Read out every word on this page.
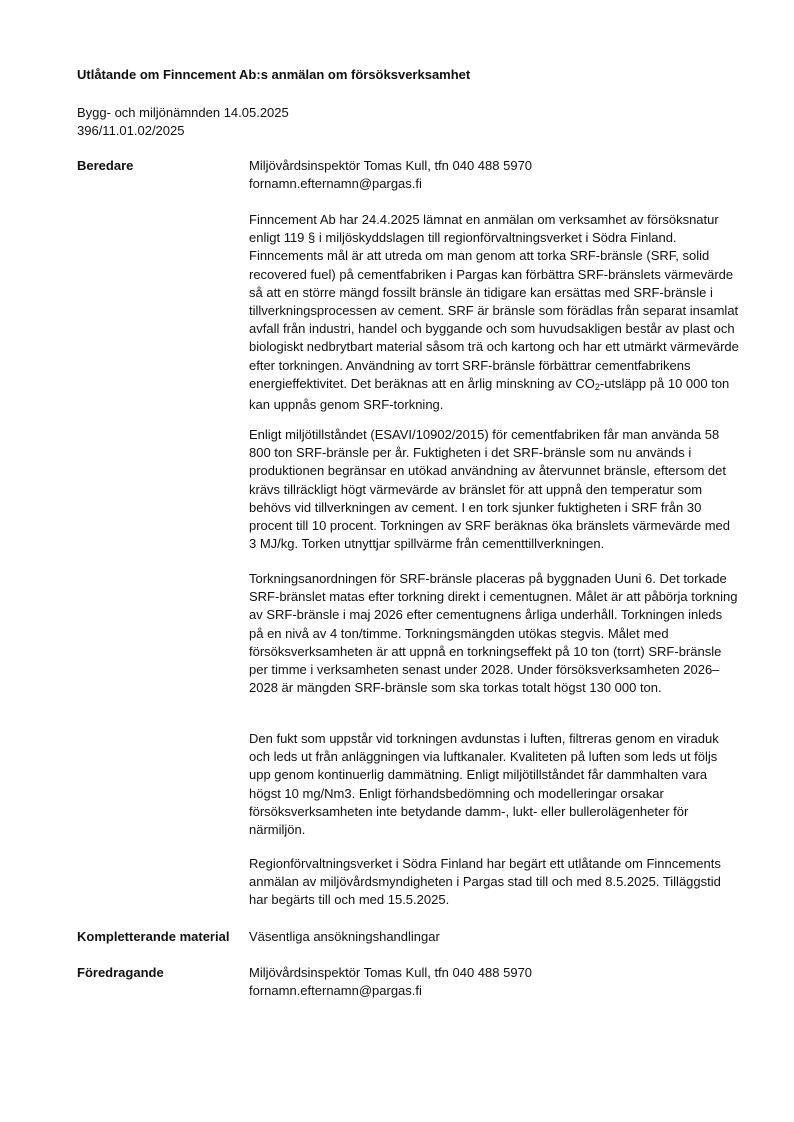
Utlåtande om Finncement Ab:s anmälan om försöksverksamhet
Bygg- och miljönämnden 14.05.2025
396/11.01.02/2025
Beredare	Miljövårdsinspektör Tomas Kull, tfn 040 488 5970
fornamn.efternamn@pargas.fi
Finncement Ab har 24.4.2025 lämnat en anmälan om verksamhet av försöksnatur enligt 119 § i miljöskyddslagen till regionförvaltningsverket i Södra Finland. Finncements mål är att utreda om man genom att torka SRF-bränsle (SRF, solid recovered fuel) på cementfabriken i Pargas kan förbättra SRF-bränslets värmevärde så att en större mängd fossilt bränsle än tidigare kan ersättas med SRF-bränsle i tillverkningsprocessen av cement. SRF är bränsle som förädlas från separat insamlat avfall från industri, handel och byggande och som huvudsakligen består av plast och biologiskt nedbrytbart material såsom trä och kartong och har ett utmärkt värmevärde efter torkningen. Användning av torrt SRF-bränsle förbättrar cementfabrikens energieffektivitet. Det beräknas att en årlig minskning av $CO_2$-utsläpp på 10 000 ton kan uppnås genom SRF-torkning.
Enligt miljötillståndet (ESAVI/10902/2015) för cementfabriken får man använda 58 800 ton SRF-bränsle per år. Fuktigheten i det SRF-bränsle som nu används i produktionen begränsar en utökad användning av återvunnet bränsle, eftersom det krävs tillräckligt högt värmevärde av bränslet för att uppnå den temperatur som behövs vid tillverkningen av cement. I en tork sjunker fuktigheten i SRF från 30 procent till 10 procent. Torkningen av SRF beräknas öka bränslets värmevärde med 3 MJ/kg. Torken utnyttjar spillvärme från cementtillverkningen.
Torkningsanordningen för SRF-bränsle placeras på byggnaden Uuni 6. Det torkade SRF-bränslet matas efter torkning direkt i cementugnen. Målet är att påbörja torkning av SRF-bränsle i maj 2026 efter cementugnens årliga underhåll. Torkningen inleds på en nivå av 4 ton/timme. Torkningsmängden utökas stegvis. Målet med försöksverksamheten är att uppnå en torkningseffekt på 10 ton (torrt) SRF-bränsle per timme i verksamheten senast under 2028. Under försöksverksamheten 2026–2028 är mängden SRF-bränsle som ska torkas totalt högst 130 000 ton.
Den fukt som uppstår vid torkningen avdunstas i luften, filtreras genom en viraduk och leds ut från anläggningen via luftkanaler. Kvaliteten på luften som leds ut följs upp genom kontinuerlig dammätning. Enligt miljötillståndet får dammhalten vara högst 10 mg/Nm3. Enligt förhandsbedömning och modelleringar orsakar försöksverksamheten inte betydande damm-, lukt- eller bullerolägenheter för närmiljön.
Regionförvaltningsverket i Södra Finland har begärt ett utlåtande om Finncements anmälan av miljövårdsmyndigheten i Pargas stad till och med 8.5.2025. Tilläggstid har begärts till och med 15.5.2025.
Kompletterande material Väsentliga ansökningshandlingar
Föredragande	Miljövårdsinspektör Tomas Kull, tfn 040 488 5970
fornamn.efternamn@pargas.fi
